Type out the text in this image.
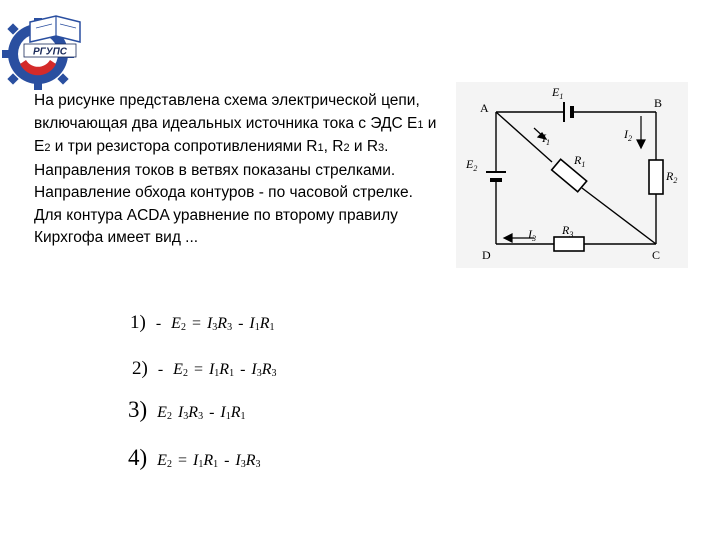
РГУПС

На рисунке представлена схема электрической цепи, включающая два идеальных источника тока с ЭДС Е1 и Е2 и три резистора сопротивлениями R1, R2 и R3. Направления токов в ветвях показаны стрелками. Направление обхода контуров - по часовой стрелке. Для контура ACDA уравнение по второму правилу Кирхгофа имеет вид ...

A	B
C
D
$E_1$
$E_2$
$I_1$
$I_2$
$I_3$
$R_1$
$R_2$
$R_3$
$1) - E_2 = I_3R_3 - I_1R_1$
$2) - E_2 = I_1R_1 - I_3R_3$
3) $E_2$ $I_3R_3 - I_1R_1$
4) $E_2 = I_1R_1 - I_3R_3$
